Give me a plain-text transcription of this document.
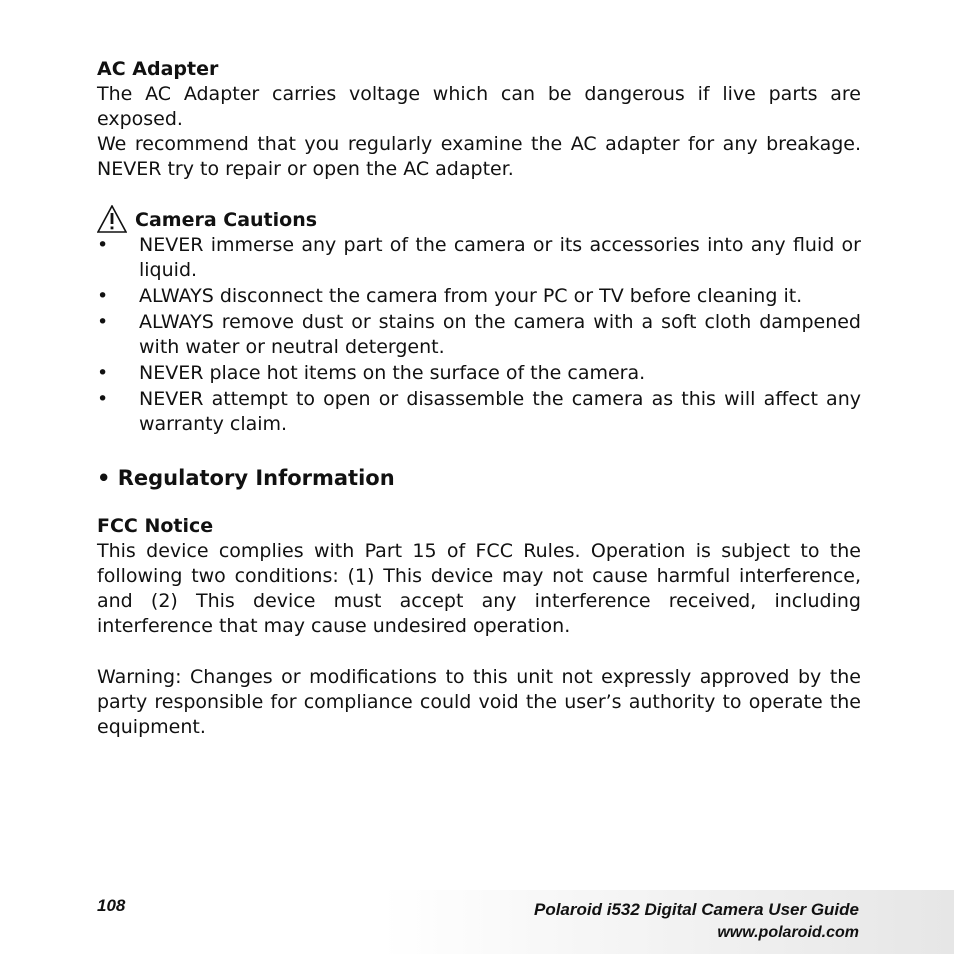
AC Adapter

The AC Adapter carries voltage which can be dangerous if live parts are exposed.

We recommend that you regularly examine the AC adapter for any breakage. NEVER try to repair or open the AC adapter.

Camera Cautions
• NEVER immerse any part of the camera or its accessories into any fluid or liquid.
• ALWAYS disconnect the camera from your PC or TV before cleaning it.
• ALWAYS remove dust or stains on the camera with a soft cloth dampened with water or neutral detergent.
• NEVER place hot items on the surface of the camera.
• NEVER attempt to open or disassemble the camera as this will affect any warranty claim.

• Regulatory Information

FCC Notice

This device complies with Part 15 of FCC Rules. Operation is subject to the following two conditions: (1) This device may not cause harmful interference, and (2) This device must accept any interference received, including interference that may cause undesired operation.

Warning: Changes or modifications to this unit not expressly approved by the party responsible for compliance could void the user’s authority to operate the equipment.

108	Polaroid i532 Digital Camera User Guide
www.polaroid.com
